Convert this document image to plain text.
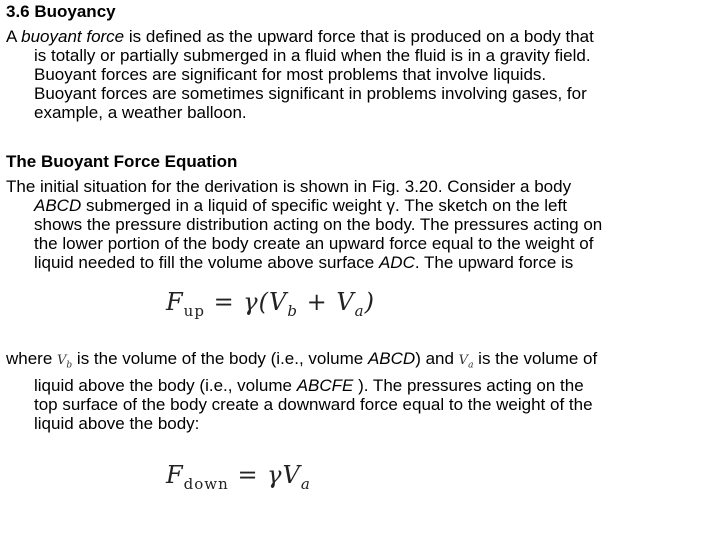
3.6 Buoyancy
A buoyant force is defined as the upward force that is produced on a body that
is totally or partially submerged in a fluid when the fluid is in a gravity field.
Buoyant forces are significant for most problems that involve liquids.
Buoyant forces are sometimes significant in problems involving gases, for
example, a weather balloon.
The Buoyant Force Equation
The initial situation for the derivation is shown in Fig. 3.20. Consider a body
ABCD submerged in a liquid of specific weight γ. The sketch on the left
shows the pressure distribution acting on the body. The pressures acting on
the lower portion of the body create an upward force equal to the weight of
liquid needed to fill the volume above surface ADC. The upward force is
$F_{up} = \gamma(V_b + V_a)$
where $V_b$ is the volume of the body (i.e., volume ABCD) and $V_a$ is the volume of
liquid above the body (i.e., volume ABCFE ). The pressures acting on the
top surface of the body create a downward force equal to the weight of the
liquid above the body:
$F_{down} = \gamma V_a$
